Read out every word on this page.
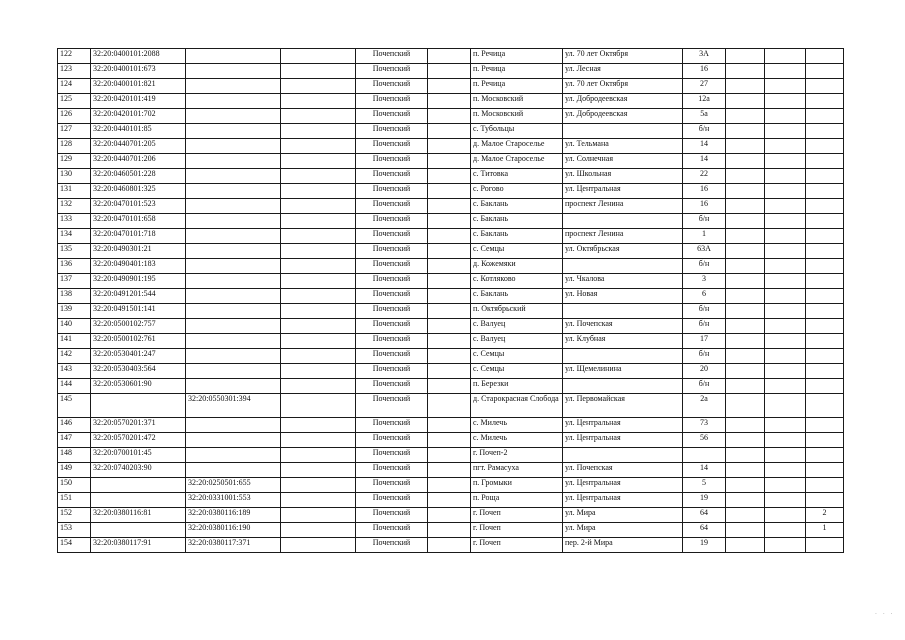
122	32:20:0400101:2088			Почепский		п. Речица	ул. 70 лет Октября	3А			
123	32:20:0400101:673			Почепский		п. Речица	ул. Лесная	16			
124	32:20:0400101:821			Почепский		п. Речица	ул. 70 лет Октября	27			
125	32:20:0420101:419			Почепский		п. Московский	ул. Добродеевская	12а			
126	32:20:0420101:702			Почепский		п. Московский	ул. Добродеевская	5а			
127	32:20:0440101:85			Почепский		с. Тубольцы		б/н			
128	32:20:0440701:205			Почепский		д. Малое Староселье	ул. Тельмана	14			
129	32:20:0440701:206			Почепский		д. Малое Староселье	ул. Солнечная	14			
130	32:20:0460501:228			Почепский		с. Титовка	ул. Школьная	22			
131	32:20:0460801:325			Почепский		с. Рогово	ул. Центральная	16			
132	32:20:0470101:523			Почепский		с. Баклань	проспект Ленина	16			
133	32:20:0470101:658			Почепский		с. Баклань		б/н			
134	32:20:0470101:718			Почепский		с. Баклань	проспект Ленина	1			
135	32:20:0490301:21			Почепский		с. Семцы	ул. Октябрьская	63А			
136	32:20:0490401:183			Почепский		д. Кожемяки		б/н			
137	32:20:0490901:195			Почепский		с. Котляково	ул. Чкалова	3			
138	32:20:0491201:544			Почепский		с. Баклань	ул. Новая	6			
139	32:20:0491501:141			Почепский		п. Октябрьский		б/н			
140	32:20:0500102:757			Почепский		с. Валуец	ул. Почепская	б/н			
141	32:20:0500102:761			Почепский		с. Валуец	ул. Клубная	17			
142	32:20:0530401:247			Почепский		с. Семцы		б/н			
143	32:20:0530403:564			Почепский		с. Семцы	ул. Щемелинина	20			
144	32:20:0530601:90			Почепский		п. Березки		б/н			
145		32:20:0550301:394		Почепский		д. Старокрасная Слобода	ул. Первомайская	2а			
146	32:20:0570201:371			Почепский		с. Милечь	ул. Центральная	73			
147	32:20:0570201:472			Почепский		с. Милечь	ул. Центральная	56			
148	32:20:0700101:45			Почепский		г. Почеп-2					
149	32:20:0740203:90			Почепский		пгт. Рамасуха	ул. Почепская	14			
150		32:20:0250501:655		Почепский		п. Громыки	ул. Центральная	5			
151		32:20:0331001:553		Почепский		п. Роща	ул. Центральная	19			
152	32:20:0380116:81	32:20:0380116:189		Почепский		г. Почеп	ул. Мира	64			2
153		32:20:0380116:190		Почепский		г. Почеп	ул. Мира	64			1
154	32:20:0380117:91	32:20:0380117:371		Почепский		г. Почеп	пер. 2-й Мира	19			
. . .
